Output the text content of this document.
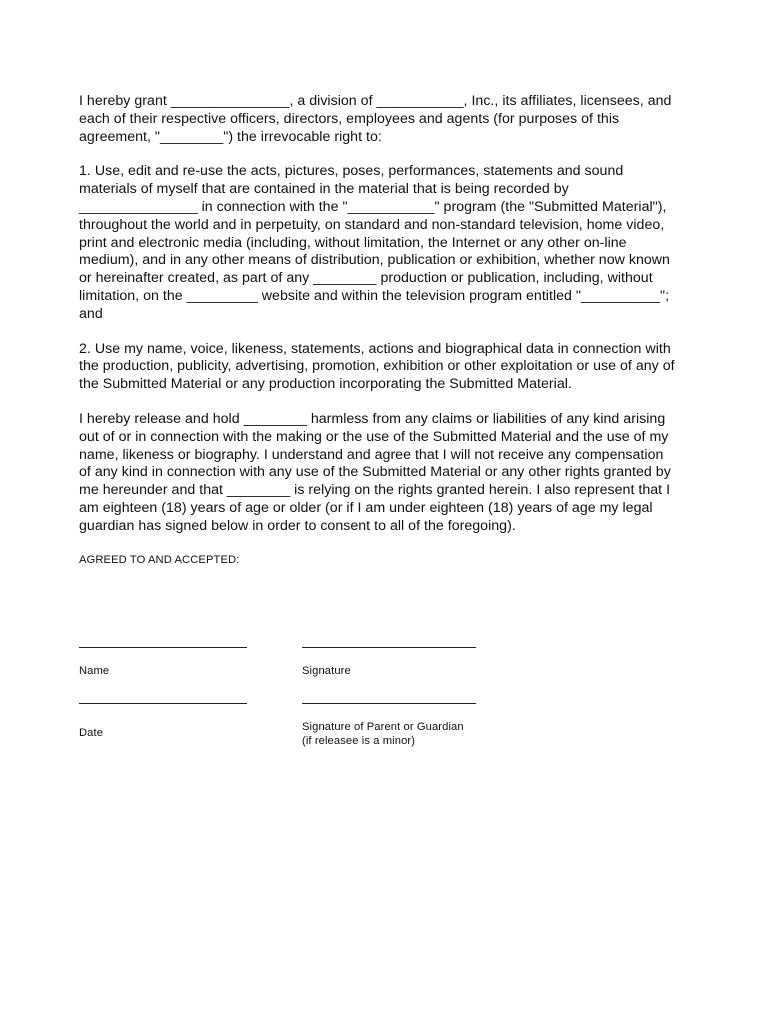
I hereby grant _______________, a division of ___________, Inc., its affiliates, licensees, and each of their respective officers, directors, employees and agents (for purposes of this agreement, "________") the irrevocable right to:

1. Use, edit and re-use the acts, pictures, poses, performances, statements and sound materials of myself that are contained in the material that is being recorded by _______________ in connection with the "___________" program (the "Submitted Material"), throughout the world and in perpetuity, on standard and non-standard television, home video, print and electronic media (including, without limitation, the Internet or any other on-line medium), and in any other means of distribution, publication or exhibition, whether now known or hereinafter created, as part of any ________ production or publication, including, without limitation, on the _________ website and within the television program entitled "__________"; and

2. Use my name, voice, likeness, statements, actions and biographical data in connection with the production, publicity, advertising, promotion, exhibition or other exploitation or use of any of the Submitted Material or any production incorporating the Submitted Material.

I hereby release and hold ________ harmless from any claims or liabilities of any kind arising out of or in connection with the making or the use of the Submitted Material and the use of my name, likeness or biography. I understand and agree that I will not receive any compensation of any kind in connection with any use of the Submitted Material or any other rights granted by me hereunder and that ________ is relying on the rights granted herein. I also represent that I am eighteen (18) years of age or older (or if I am under eighteen (18) years of age my legal guardian has signed below in order to consent to all of the foregoing).

AGREED TO AND ACCEPTED:
Name	Signature
Date	Signature of Parent or Guardian
(if releasee is a minor)
